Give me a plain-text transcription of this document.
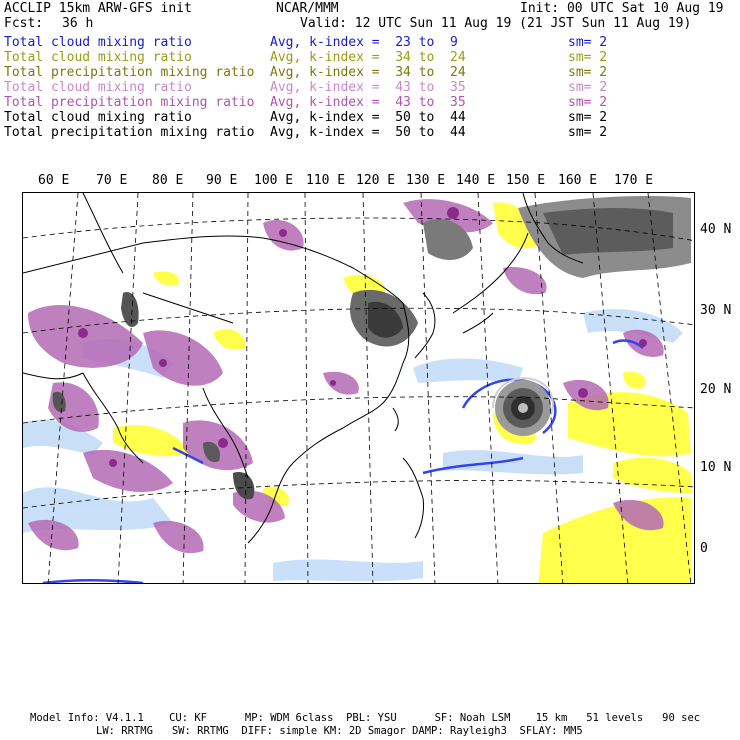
ACCLIP 15km ARW-GFS init	NCAR/MMM	Init: 00 UTC Sat 10 Aug 19
Fcst: 36 h	Valid: 12 UTC Sun 11 Aug 19 (21 JST Sun 11 Aug 19)
Total cloud mixing ratio	Avg, k-index =  23 to  9	sm= 2
Total cloud mixing ratio	Avg, k-index =  34 to  24	sm= 2
Total precipitation mixing ratio Avg, k-index =  34 to  24	sm= 2
Total cloud mixing ratio	Avg, k-index =  43 to  35	sm= 2
Total precipitation mixing ratio Avg, k-index =  43 to  35	sm= 2
Total cloud mixing ratio	Avg, k-index =  50 to  44	sm= 2
Total precipitation mixing ratio Avg, k-index =  50 to  44	sm= 2
60 E 70 E 80 E 90 E 100 E 110 E 120 E 130 E 140 E 150 E 160 E 170 E
40 N
30 N
20 N
10 N
0
Model Info: V4.1.1    CU: KF      MP: WDM 6class  PBL: YSU      SF: Noah LSM    15 km   51 levels   90 sec
LW: RRTMG   SW: RRTMG  DIFF: simple KM: 2D Smagor DAMP: Rayleigh3  SFLAY: MM5
